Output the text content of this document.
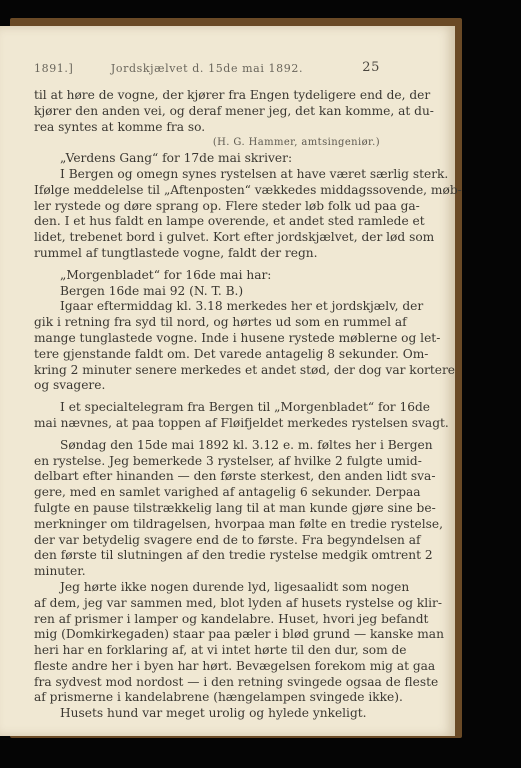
1891.]	Jordskjælvet d. 15de mai 1892.	25
til at høre de vogne, der kjører fra Engen tydeligere end de, der
kjører den anden vei, og deraf mener jeg, det kan komme, at du-
rea syntes at komme fra so.
(H. G. Hammer, amtsingeniør.)
„Verdens Gang“ for 17de mai skriver:
I Bergen og omegn synes rystelsen at have været særlig sterk.
Ifølge meddelelse til „Aftenposten“ vækkedes middagssovende, møb-
ler rystede og døre sprang op. Flere steder løb folk ud paa ga-
den. I et hus faldt en lampe overende, et andet sted ramlede et
lidet, trebenet bord i gulvet. Kort efter jordskjælvet, der lød som
rummel af tungtlastede vogne, faldt der regn.
„Morgenbladet“ for 16de mai har:
Bergen 16de mai 92 (N. T. B.)
Igaar eftermiddag kl. 3.18 merkedes her et jordskjælv, der
gik i retning fra syd til nord, og hørtes ud som en rummel af
mange tunglastede vogne. Inde i husene rystede møblerne og let-
tere gjenstande faldt om. Det varede antagelig 8 sekunder. Om-
kring 2 minuter senere merkedes et andet stød, der dog var kortere
og svagere.
I et specialtelegram fra Bergen til „Morgenbladet“ for 16de
mai nævnes, at paa toppen af Fløifjeldet merkedes rystelsen svagt.
Søndag den 15de mai 1892 kl. 3.12 e. m. føltes her i Bergen
en rystelse. Jeg bemerkede 3 rystelser, af hvilke 2 fulgte umid-
delbart efter hinanden — den første sterkest, den anden lidt sva-
gere, med en samlet varighed af antagelig 6 sekunder. Derpaa
fulgte en pause tilstrækkelig lang til at man kunde gjøre sine be-
merkninger om tildragelsen, hvorpaa man følte en tredie rystelse,
der var betydelig svagere end de to første. Fra begyndelsen af
den første til slutningen af den tredie rystelse medgik omtrent 2
minuter.
Jeg hørte ikke nogen durende lyd, ligesaalidt som nogen
af dem, jeg var sammen med, blot lyden af husets rystelse og klir-
ren af prismer i lamper og kandelabre. Huset, hvori jeg befandt
mig (Domkirkegaden) staar paa pæler i blød grund — kanske man
heri har en forklaring af, at vi intet hørte til den dur, som de
fleste andre her i byen har hørt. Bevægelsen forekom mig at gaa
fra sydvest mod nordost — i den retning svingede ogsaa de fleste
af prismerne i kandelabrene (hængelampen svingede ikke).
Husets hund var meget urolig og hylede ynkeligt.
